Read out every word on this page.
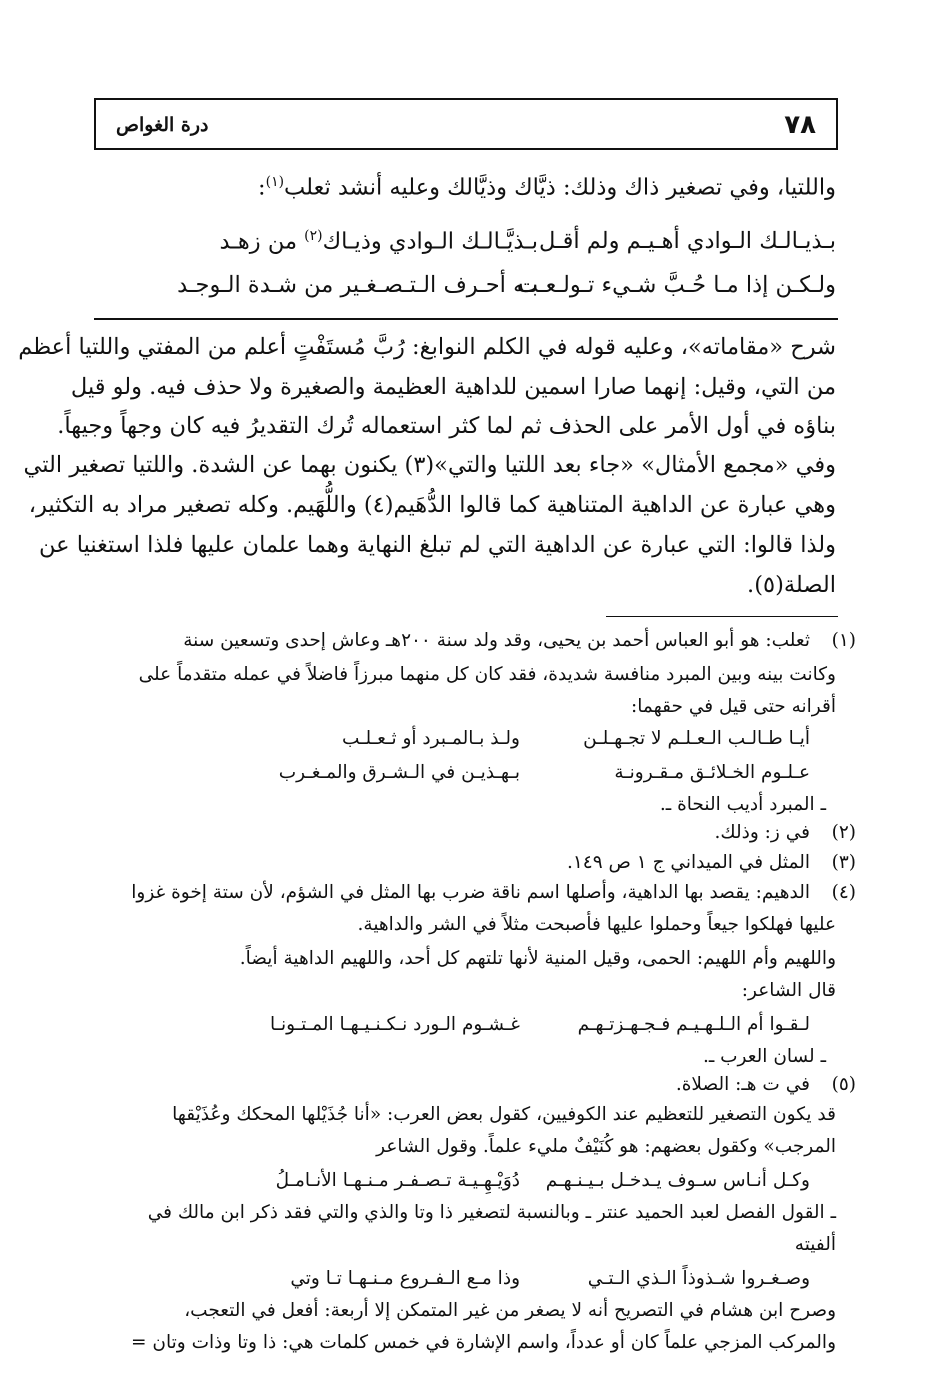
٧٨
درة الغواص
واللتيا، وفي تصغير ذاك وذلك: ذيَّاك وذيَّالك وعليه أنشد ثعلب$^{(١)}$:
بـذيـالـك الـوادي أهـيـم ولم أقـل
بـذيَّـالـك الـوادي وذيـاك$^{(٢)}$ من زهـد
ولـكـن إذا مـا حُـبَّ شـيء تـولـعـت
بـه أحـرف الـتـصـغـير من شـدة الـوجـد
شرح «مقاماته»، وعليه قوله في الكلم النوابغ: رُبَّ مُستَفْتٍ أعلم من المفتي واللتيا أعظم
من التي، وقيل: إنهما صارا اسمين للداهية العظيمة والصغيرة ولا حذف فيه. ولو قيل
بناؤه في أول الأمر على الحذف ثم لما كثر استعماله تُرك التقديرُ فيه كان وجهاً وجيهاً.
وفي «مجمع الأمثال» «جاء بعد اللتيا والتي»(٣) يكنون بهما عن الشدة. واللتيا تصغير التي
وهي عبارة عن الداهية المتناهية كما قالوا الدُّهَيم(٤) واللُّهَيم. وكله تصغير مراد به التكثير،
ولذا قالوا: التي عبارة عن الداهية التي لم تبلغ النهاية وهما علمان عليها فلذا استغنيا عن
الصلة(٥).
(١)
ثعلب: هو أبو العباس أحمد بن يحيى، وقد ولد سنة ٢٠٠هـ وعاش إحدى وتسعين سنة
وكانت بينه وبين المبرد منافسة شديدة، فقد كان كل منهما مبرزاً فاضلاً في عمله متقدماً على
أقرانه حتى قيل في حقهما:
أيـا طـالـب الـعـلـم لا تجـهـلـن
ولـذ بـالمـبرد أو ثـعـلـب
عـلـوم الخـلائـق مـقـرونـة
بـهـذيـن في الـشـرق والمـغـرب
ـ المبرد أديب النحاة ـ.
(٢)
في ز: وذلك.
(٣)
المثل في الميداني ج ١ ص ١٤٩.
(٤)
الدهيم: يقصد بها الداهية، وأصلها اسم ناقة ضرب بها المثل في الشؤم، لأن ستة إخوة غزوا
عليها فهلكوا جيعاً وحملوا عليها فأصبحت مثلاً في الشر والداهية.
واللهيم وأم اللهيم: الحمى، وقيل المنية لأنها تلتهم كل أحد، واللهيم الداهية أيضاً.
قال الشاعر:
لـقـوا أم الـلـهـيـم فـجـهـزتـهـم
غـشـوم الـورد نـكـنـيـهـا المـتـونـا
ـ لسان العرب ـ.
(٥)
في ت هـ: الصلاة.
قد يكون التصغير للتعظيم عند الكوفيين، كقول بعض العرب: «أنا جُذَيْلها المحكك وعُذَيْقها
المرجب» وكقول بعضهم: هو كُنَيْفٌ مليء علماً. وقول الشاعر
وكـل أنـاس سـوف يـدخـل بـيـنـهـم
دُوَيْـهِـيـة تـصـفـر مـنـهـا الأنـامـلُ
ـ القول الفصل لعبد الحميد عنتر ـ وبالنسبة لتصغير ذا وتا والذي والتي فقد ذكر ابن مالك في
ألفيته
وصـغـروا شـذوذاً الـذي الـتـي
وذا مـع الـفـروع مـنـهـا تـا وتي
وصرح ابن هشام في التصريح أنه لا يصغر من غير المتمكن إلا أربعة: أفعل في التعجب،
والمركب المزجي علماً كان أو عدداً، واسم الإشارة في خمس كلمات هي: ذا وتا وذات وتان =
